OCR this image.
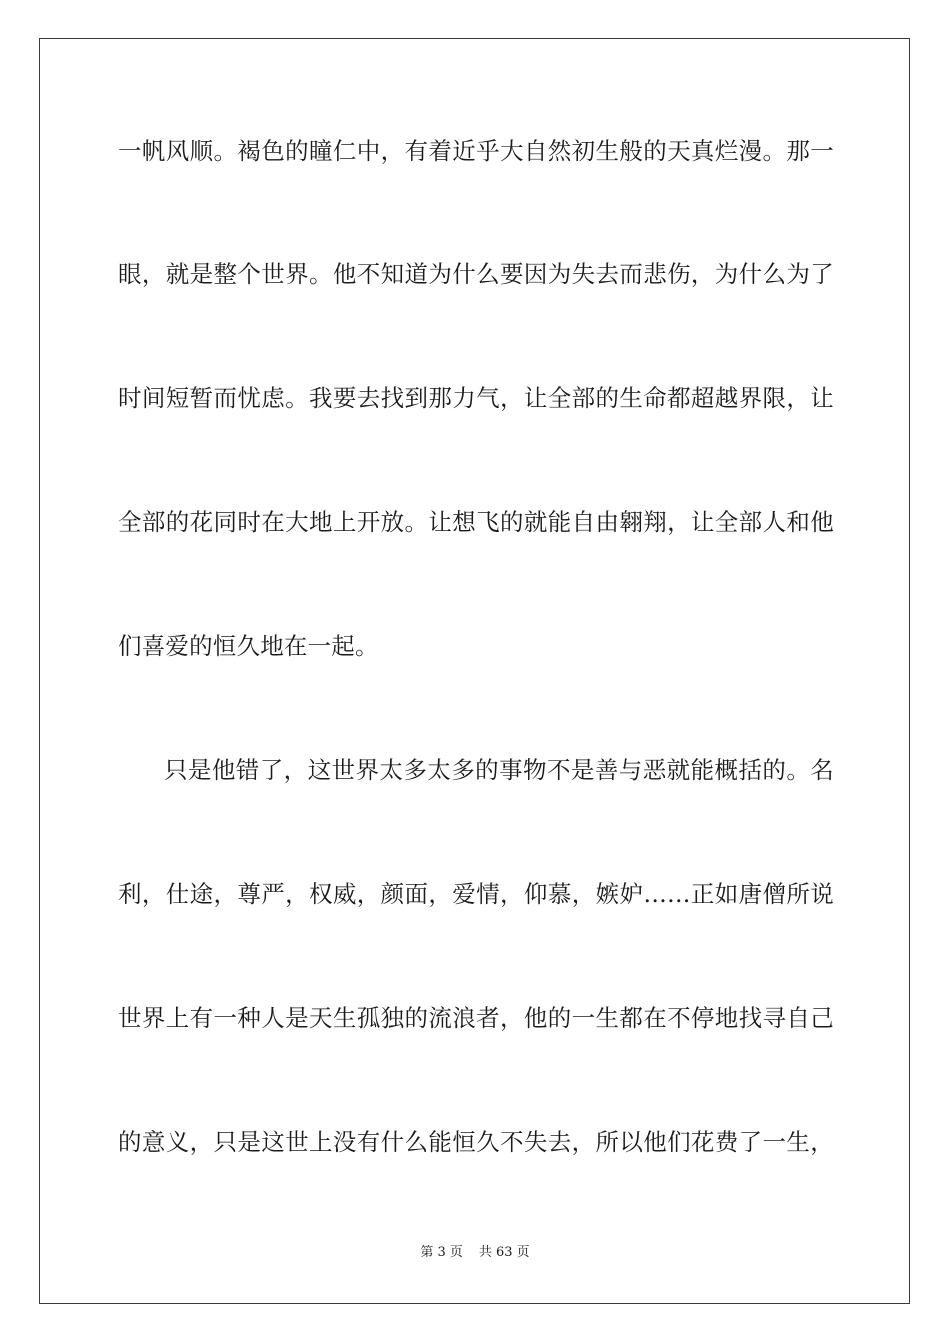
一帆风顺。褐色的瞳仁中，有着近乎大自然初生般的天真烂漫。那一
眼，就是整个世界。他不知道为什么要因为失去而悲伤，为什么为了
时间短暂而忧虑。我要去找到那力气，让全部的生命都超越界限，让
全部的花同时在大地上开放。让想飞的就能自由翱翔，让全部人和他
们喜爱的恒久地在一起。
只是他错了，这世界太多太多的事物不是善与恶就能概括的。名
利，仕途，尊严，权威，颜面，爱情，仰慕，嫉妒……正如唐僧所说
世界上有一种人是天生孤独的流浪者，他的一生都在不停地找寻自己
的意义，只是这世上没有什么能恒久不失去，所以他们花费了一生，
第 3 页 共 63 页
